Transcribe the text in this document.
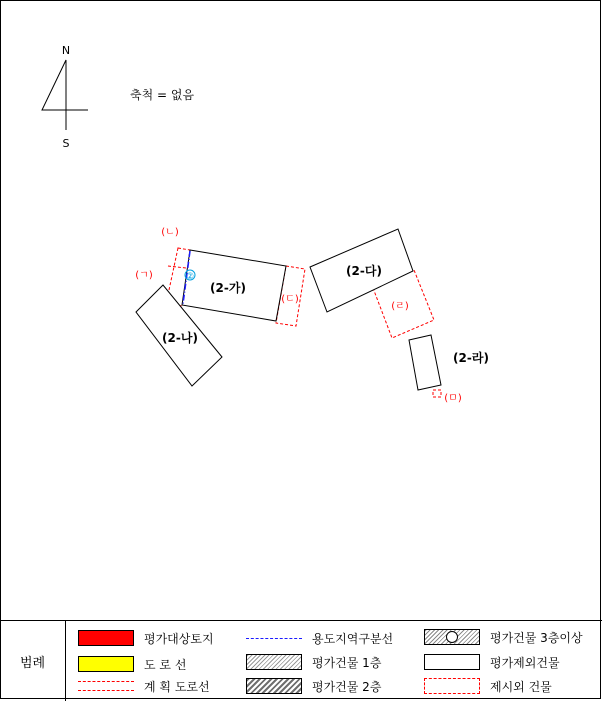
N
S
축척 = 없음
②
(2-가)
(2-나)
(2-다)
(2-라)
(ㄱ)
(ㄴ)
(ㄷ)
(ㄹ)
(ㅁ)
범례
평가대상토지
도 로 선
계 획 도로선
용도지역구분선
평가건물 1층
평가건물 2층
평가건물 3층이상
평가제외건물
제시외 건물
